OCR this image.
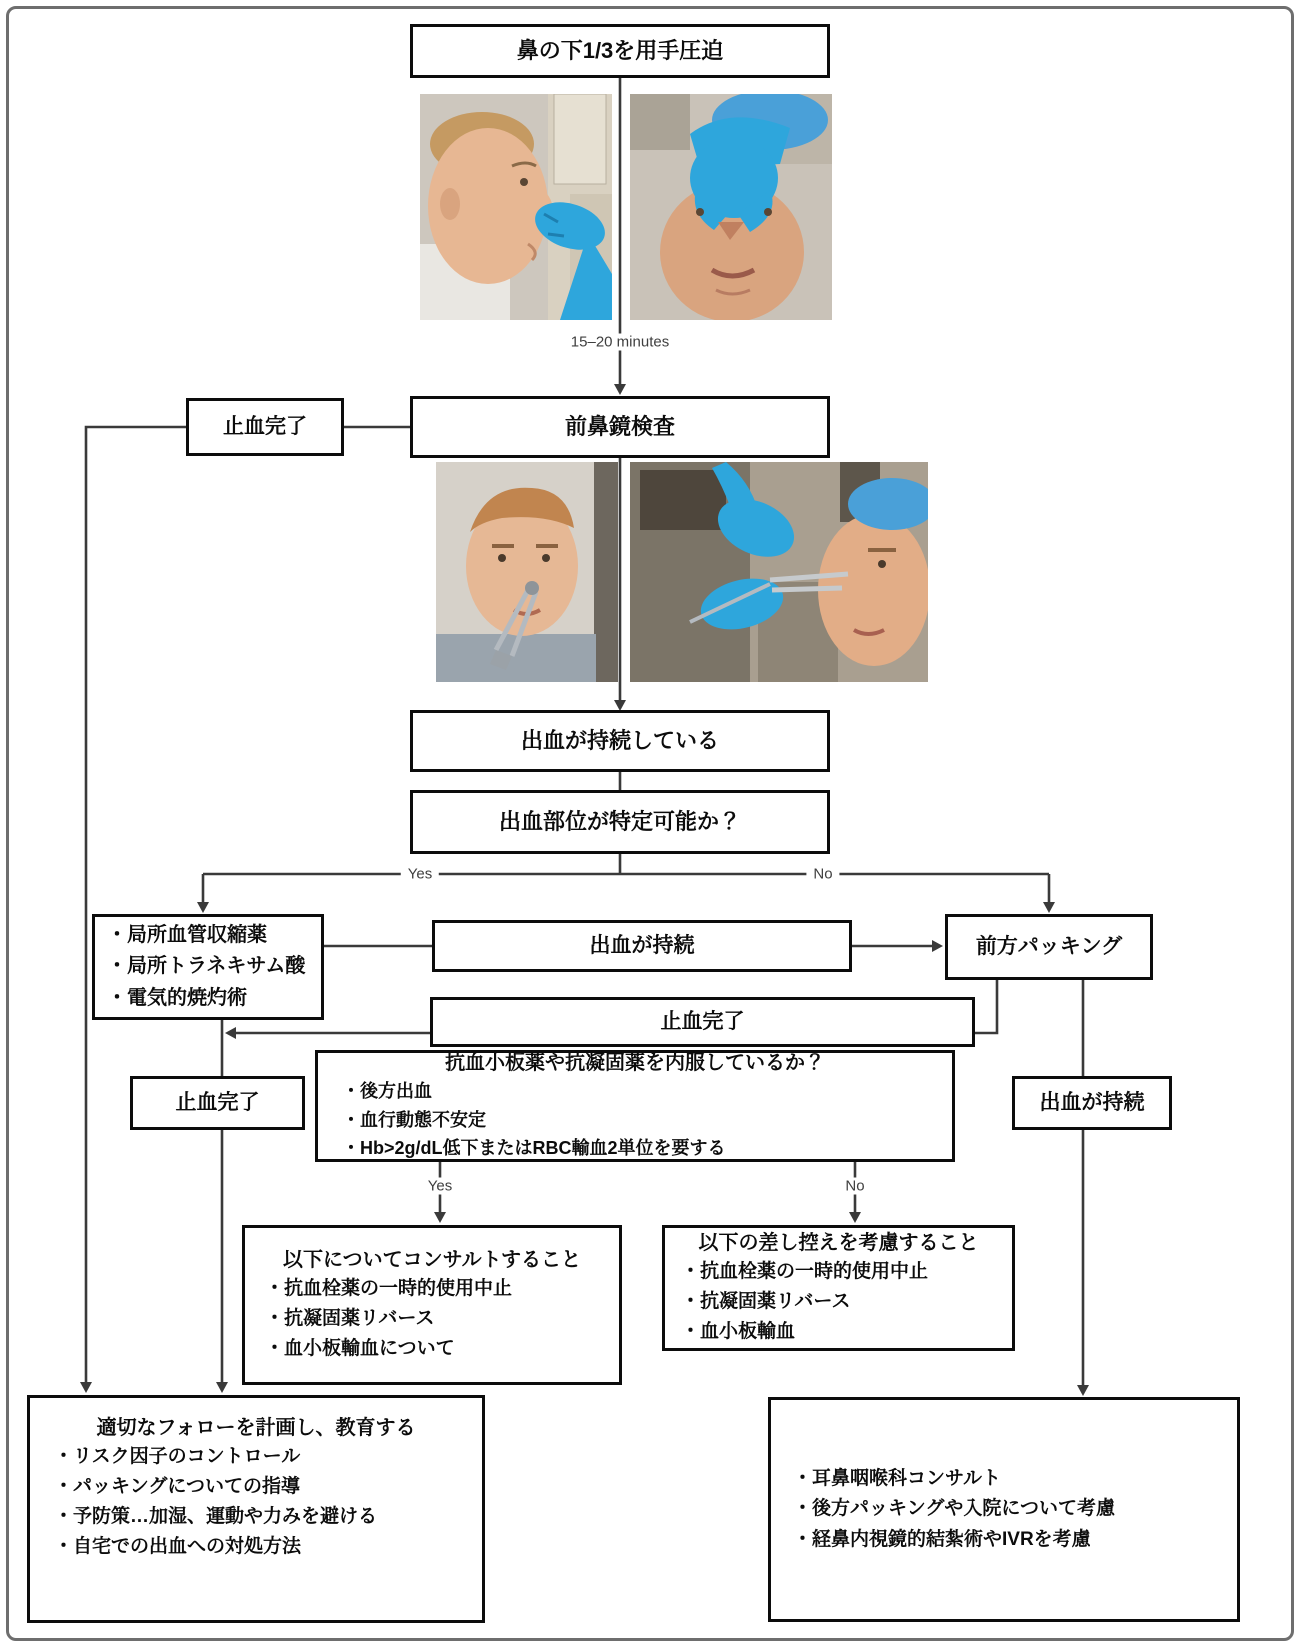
鼻の下1/3を用手圧迫
止血完了	前鼻鏡検査
出血が持続している
出血部位が特定可能か？
・局所血管収縮薬
・局所トラネキサム酸
・電気的焼灼術
出血が持続	前方パッキング
止血完了
抗血小板薬や抗凝固薬を内服しているか？
・後方出血
・血行動態不安定
・Hb>2g/dL低下またはRBC輸血2単位を要する
止血完了	出血が持続
以下についてコンサルトすること
・抗血栓薬の一時的使用中止
・抗凝固薬リバース
・血小板輸血について
以下の差し控えを考慮すること
・抗血栓薬の一時的使用中止
・抗凝固薬リバース
・血小板輸血
適切なフォローを計画し、教育する
・リスク因子のコントロール
・パッキングについての指導
・予防策…加湿、運動や力みを避ける
・自宅での出血への対処方法
・耳鼻咽喉科コンサルト
・後方パッキングや入院について考慮
・経鼻内視鏡的結紮術やIVRを考慮
15–20 minutes
Yes	No
Yes	No
